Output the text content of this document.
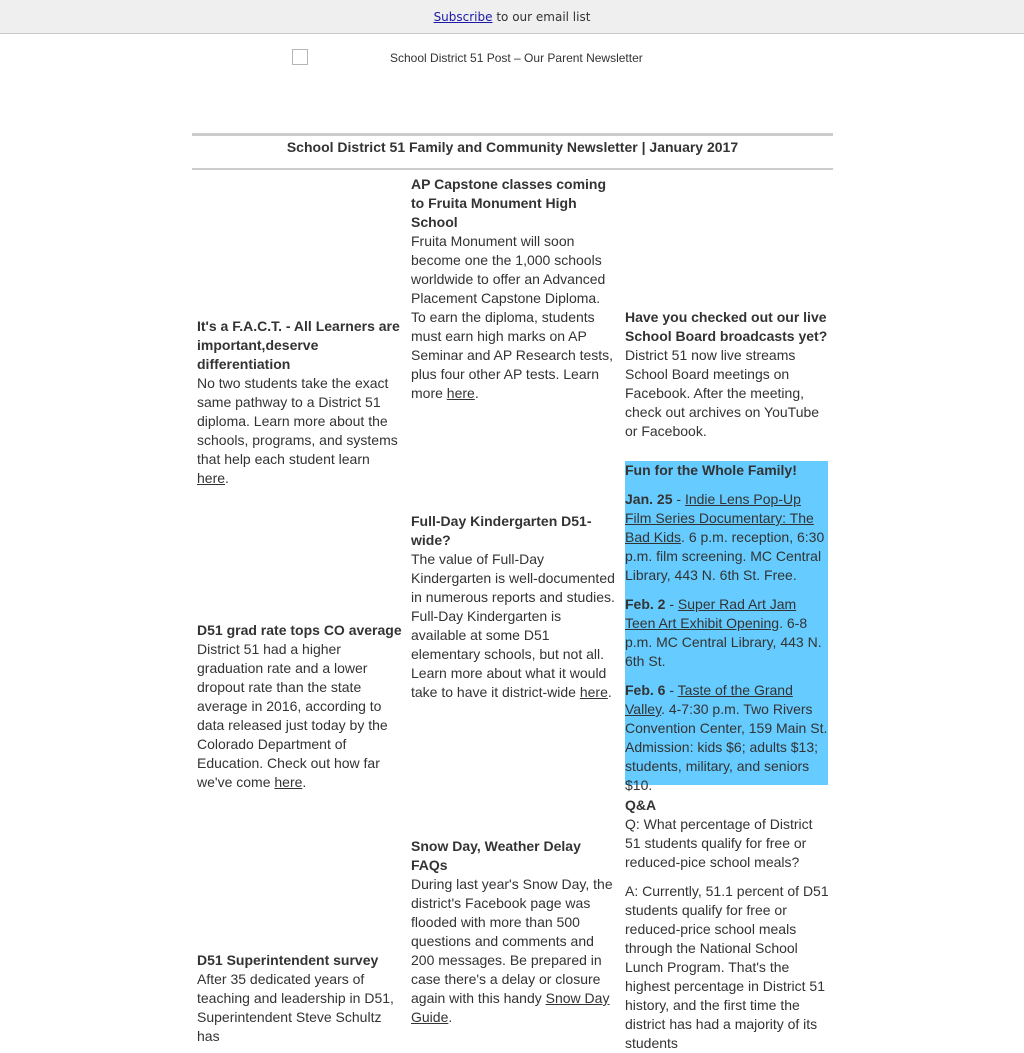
Subscribe to our email list
School District 51 Post – Our Parent Newsletter
School District 51 Family and Community Newsletter | January 2017
It's a F.A.C.T. - All Learners are important,deserve differentiation

No two students take the exact same pathway to a District 51 diploma. Learn more about the schools, programs, and systems that help each student learn here.

D51 grad rate tops CO average

District 51 had a higher graduation rate and a lower dropout rate than the state average in 2016, according to data released just today by the Colorado Department of Education. Check out how far we've come here.

D51 Superintendent survey

After 35 dedicated years of teaching and leadership in D51, Superintendent Steve Schultz has

AP Capstone classes coming to Fruita Monument High School

Fruita Monument will soon become one the 1,000 schools worldwide to offer an Advanced Placement Capstone Diploma. To earn the diploma, students must earn high marks on AP Seminar and AP Research tests, plus four other AP tests. Learn more here.

Full-Day Kindergarten D51-wide?

The value of Full-Day Kindergarten is well-documented in numerous reports and studies. Full-Day Kindergarten is available at some D51 elementary schools, but not all. Learn more about what it would take to have it district-wide here.

Snow Day, Weather Delay FAQs

During last year's Snow Day, the district's Facebook page was flooded with more than 500 questions and comments and 200 messages. Be prepared in case there's a delay or closure again with this handy Snow Day Guide.

Have you checked out our live School Board broadcasts yet?

District 51 now live streams School Board meetings on Facebook. After the meeting, check out archives on YouTube or Facebook.

Fun for the Whole Family!

Jan. 25 - Indie Lens Pop-Up Film Series Documentary: The Bad Kids. 6 p.m. reception, 6:30 p.m. film screening. MC Central Library, 443 N. 6th St. Free.

Feb. 2 - Super Rad Art Jam Teen Art Exhibit Opening. 6-8 p.m. MC Central Library, 443 N. 6th St.

Feb. 6 - Taste of the Grand Valley. 4-7:30 p.m. Two Rivers Convention Center, 159 Main St. Admission: kids $6; adults $13; students, military, and seniors $10.

Q&A

Q: What percentage of District 51 students qualify for free or reduced-pice school meals?

A: Currently, 51.1 percent of D51 students qualify for free or reduced-price school meals through the National School Lunch Program. That's the highest percentage in District 51 history, and the first time the district has had a majority of its students
